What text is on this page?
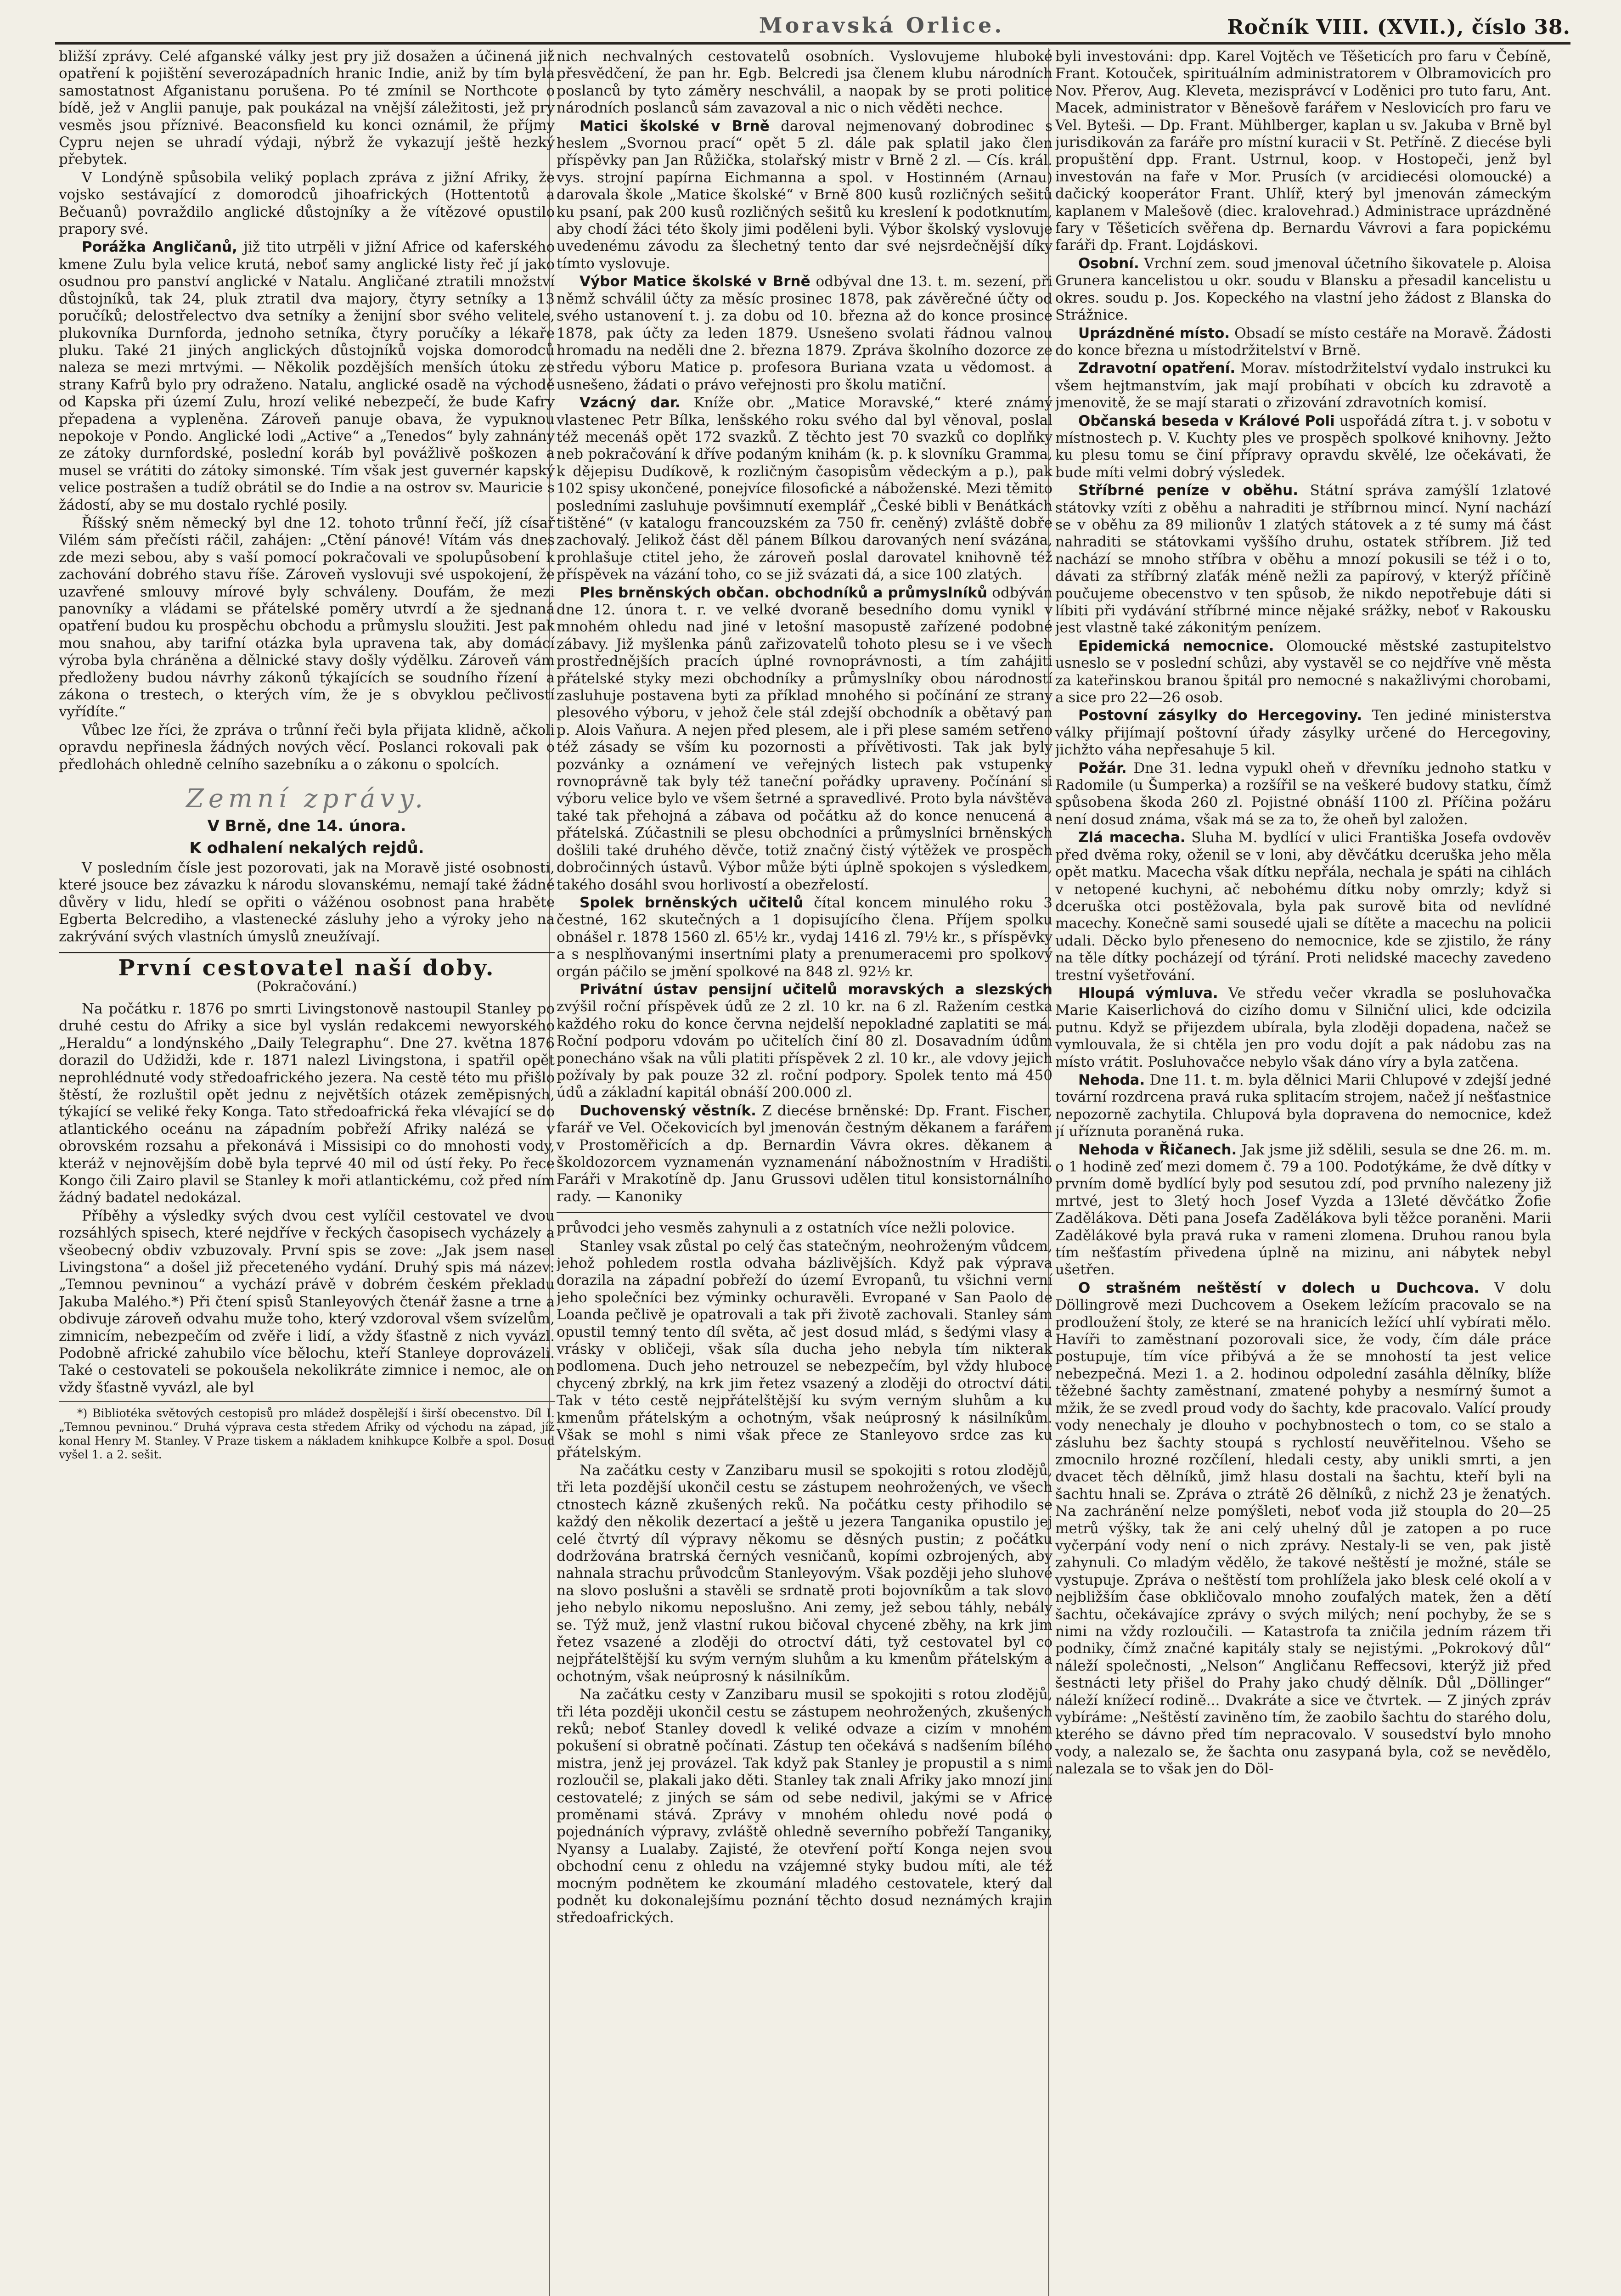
Moravská Orlice.	Ročník VIII. (XVII.), číslo 38.

bližší zprávy. Celé afganské války jest pry již dosažen a účinená již opatření k pojištění severozápadních hranic Indie, aniž by tím byla samostatnost Afganistanu porušena. Po té zmínil se Northcote o bídě, jež v Anglii panuje, pak poukázal na vnější záležitosti, jež pry vesměs jsou příznivé. Beaconsfield ku konci oznámil, že příjmy Cypru nejen se uhradí výdaji, nýbrž že vykazují ještě hezký přebytek.

V Londýně spůsobila veliký poplach zpráva z jižní Afriky, že vojsko sestávající z domorodců jihoafrických (Hottentotů a Bečuanů) povraždilo anglické důstojníky a že vítězové opustilo prapory své.

Porážka Angličanů, již tito utrpěli v jižní Africe od kaferského kmene Zulu byla velice krutá, neboť samy anglické listy řeč jí jako osudnou pro panství anglické v Natalu. Angličané ztratili množství důstojníků, tak 24, pluk ztratil dva majory, čtyry setníky a 13 poručíků; delostřelectvo dva setníky a ženijní sbor svého velitele, plukovníka Durnforda, jednoho setníka, čtyry poručíky a lékaře pluku. Také 21 jiných anglických důstojníků vojska domorodců naleza se mezi mrtvými. — Několik pozdějších menších útoku ze strany Kafrů bylo pry odraženo. Natalu, anglické osadě na východě od Kapska při území Zulu, hrozí veliké nebezpečí, že bude Kafry přepadena a vypleněna. Zároveň panuje obava, že vypuknou nepokoje v Pondo. Anglické lodi „Active“ a „Tenedos“ byly zahnány ze zátoky durnfordské, poslední koráb byl povážlivě poškozen a musel se vrátiti do zátoky simonské. Tím však jest guvernér kapský velice postrašen a tudíž obrátil se do Indie a na ostrov sv. Mauricie s žádostí, aby se mu dostalo rychlé posily.

Říšský sněm německý byl dne 12. tohoto trůnní řečí, jíž císař Vilém sám přečísti ráčil, zahájen: „Ctění pánové! Vítám vás dnes zde mezi sebou, aby s vaší pomocí pokračovali ve spolupůsobení k zachování dobrého stavu říše. Zároveň vyslovuji své uspokojení, že uzavřené smlouvy mírové byly schváleny. Doufám, že mezi panovníky a vládami se přátelské poměry utvrdí a že sjednaná opatření budou ku prospěchu obchodu a průmyslu sloužiti. Jest pak mou snahou, aby tarifní otázka byla upravena tak, aby domácí výroba byla chráněna a dělnické stavy došly výdělku. Zároveň vám předloženy budou návrhy zákonů týkajících se soudního řízení a zákona o trestech, o kterých vím, že je s obvyklou pečlivostí vyřídíte.“

Vůbec lze říci, že zpráva o trůnní řeči byla přijata klidně, ačkoli opravdu nepřinesla žádných nových věcí. Poslanci rokovali pak o předlohách ohledně celního sazebníku a o zákonu o spolcích.

Zemní zprávy.
V Brně, dne 14. února.
K odhalení nekalých rejdů.

V posledním čísle jest pozorovati, jak na Moravě jisté osobnosti, které jsouce bez závazku k národu slovanskému, nemají také žádné důvěry v lidu, hledí se opřiti o vážénou osobnost pana hraběte Egberta Belcrediho, a vlastenecké zásluhy jeho a výroky jeho na zakrývání svých vlastních úmyslů zneužívají.

První cestovatel naší doby.
(Pokračování.)

Na počátku r. 1876 po smrti Livingstonově nastoupil Stanley po druhé cestu do Afriky a sice byl vyslán redakcemi newyorského „Heraldu“ a londýnského „Daily Telegraphu“. Dne 27. května 1876 dorazil do Udžidži, kde r. 1871 nalezl Livingstona, i spatřil opět neprohlédnuté vody středoafrického jezera. Na cestě této mu přišlo štěstí, že rozluštil opět jednu z největších otázek zeměpisných, týkající se veliké řeky Konga. Tato středoafrická řeka vlévající se do atlantického oceánu na západním pobřeží Afriky nalézá se v obrovském rozsahu a překonává i Missisipi co do mnohosti vody, kteráž v nejnovějším době byla teprvé 40 mil od ústí řeky. Po řece Kongo čili Zairo plavil se Stanley k moři atlantickému, což před ním žádný badatel nedokázal.

Příběhy a výsledky svých dvou cest vylíčil cestovatel ve dvou rozsáhlých spisech, které nejdříve v řeckých časopisech vycházely a všeobecný obdiv vzbuzovaly. První spis se zove: „Jak jsem nasel Livingstona“ a došel již přeceteného vydání. Druhý spis má název: „Temnou pevninou“ a vychází právě v dobrém českém překladu Jakuba Malého.*) Při čtení spisů Stanleyových čtenář žasne a trne a obdivuje zároveň odvahu muže toho, který vzdoroval všem svízelům, zimnicím, nebezpečím od zvěře i lidí, a vždy šťastně z nich vyvázl. Podobně africké zahubilo více bělochu, kteří Stanleye doprovázeli. Také o cestovateli se pokoušela nekolikráte zimnice i nemoc, ale on vždy šťastně vyvázl, ale byl

*) Bibliotéka světových cestopisů pro mládež dospělejší i širší obecenstvo. Díl I. „Temnou pevninou.“ Druhá výprava cesta středem Afriky od východu na západ, jíž konal Henry M. Stanley. V Praze tiskem a nákladem knihkupce Kolbře a spol. Dosud vyšel 1. a 2. sešit.

nich nechvalných cestovatelů osobních. Vyslovujeme hluboké přesvědčení, že pan hr. Egb. Belcredi jsa členem klubu národních poslanců by tyto záměry neschválil, a naopak by se proti politice národních poslanců sám zavazoval a nic o nich věděti nechce.

Matici školské v Brně daroval nejmenovaný dobrodinec s heslem „Svornou prací“ opět 5 zl. dále pak splatil jako člen příspěvky pan Jan Růžička, stolařský mistr v Brně 2 zl. — Cís. král. vys. strojní papírna Eichmanna a spol. v Hostinném (Arnau) darovala škole „Matice školské“ v Brně 800 kusů rozličných sešitů ku psaní, pak 200 kusů rozličných sešitů ku kreslení k podotknutím, aby chodí žáci této školy jimi poděleni byli. Výbor školský vyslovuje uvedenému závodu za šlechetný tento dar své nejsrdečnější díky tímto vyslovuje.

Výbor Matice školské v Brně odbýval dne 13. t. m. sezení, při němž schválil účty za měsíc prosinec 1878, pak závěrečné účty od svého ustanovení t. j. za dobu od 10. března až do konce prosince 1878, pak účty za leden 1879. Usnešeno svolati řádnou valnou hromadu na neděli dne 2. března 1879. Zpráva školního dozorce ze středu výboru Matice p. profesora Buriana vzata u vědomost. a usnešeno, žádati o právo veřejnosti pro školu matiční.

Vzácný dar. Kníže obr. „Matice Moravské,“ které známý vlastenec Petr Bílka, lenšského roku svého dal byl věnoval, poslal též mecenáš opět 172 svazků. Z těchto jest 70 svazků co doplňky neb pokračování k dříve podaným knihám (k. p. k slovníku Gramma, k dějepisu Dudíkově, k rozličným časopisům vědeckým a p.), pak 102 spisy ukončené, ponejvíce filosofické a náboženské. Mezi těmito posledními zasluhuje povšimnutí exemplář „České bibli v Benátkách tištěné“ (v katalogu francouzském za 750 fr. ceněný) zvláště dobře zachovalý. Jelikož část děl pánem Bílkou darovaných není svázána, prohlašuje ctitel jeho, že zároveň poslal darovatel knihovně též příspěvek na vázání toho, co se již svázati dá, a sice 100 zlatých.

Ples brněnských občan. obchodníků a průmyslníků odbýván dne 12. února t. r. ve velké dvoraně besedního domu vynikl v mnohém ohledu nad jiné v letošní masopustě zařízené podobné zábavy. Již myšlenka pánů zařizovatelů tohoto plesu se i ve všech prostřednějších pracích úplné rovnoprávnosti, a tím zahájiti přátelské styky mezi obchodníky a průmyslníky obou národností zasluhuje postavena byti za příklad mnohého si počínání ze strany plesového výboru, v jehož čele stál zdejší obchodník a obětavý pan p. Alois Vaňura. A nejen před plesem, ale i při plese samém setřeno též zásady se vším ku pozornosti a přívětivosti. Tak jak byly pozvánky a oznámení ve veřejných listech pak vstupenky rovnoprávně tak byly též taneční pořádky upraveny. Počínání si výboru velice bylo ve všem šetrné a spravedlivé. Proto byla návštěva také tak přehojná a zábava od počátku až do konce nenucená a přátelská. Zúčastnili se plesu obchodníci a průmyslníci brněnských došlili také druhého děvče, totiž značný čistý výtěžek ve prospěch dobročinných ústavů. Výbor může býti úplně spokojen s výsledkem, takého dosáhl svou horlivostí a obezřelostí.

Spolek brněnských učitelů čítal koncem minulého roku 3 čestné, 162 skutečných a 1 dopisujícího člena. Příjem spolku obnášel r. 1878 1560 zl. 65½ kr., vydaj 1416 zl. 79½ kr., s příspěvky a s nesplňovanými insertními platy a prenumeracemi pro spolkový orgán páčilo se jmění spolkové na 848 zl. 92½ kr.

Privátní ústav pensijní učitelů moravských a slezských zvýšil roční příspěvek údů ze 2 zl. 10 kr. na 6 zl. Ražením cestka každého roku do konce června nejdelší nepokladné zaplatiti se má. Roční podporu vdovám po učitelích činí 80 zl. Dosavadním údům ponecháno však na vůli platiti příspěvek 2 zl. 10 kr., ale vdovy jejich požívaly by pak pouze 32 zl. roční podpory. Spolek tento má 450 údů a základní kapitál obnáší 200.000 zl.

Duchovenský věstník. Z diecése brněnské: Dp. Frant. Fischer, farář ve Vel. Očekovicích byl jmenován čestným děkanem a farářem v Prostoměřicích a dp. Bernardin Vávra okres. děkanem a školdozorcem vyznamenán vyznamenání nábožnostním v Hradišti. Faráři v Mrakotíně dp. Janu Grussovi udělen titul konsistornálního rady. — Kanoniky

průvodci jeho vesměs zahynuli a z ostatních více nežli polovice.

Stanley vsak zůstal po celý čas statečným, neohroženým vůdcem, jehož pohledem rostla odvaha bázlivějších. Když pak výprava dorazila na západní pobřeží do území Evropanů, tu všichni verní jeho společníci bez výminky ochuravěli. Evropané v San Paolo de Loanda pečlivě je opatrovali a tak při životě zachovali. Stanley sám opustil temný tento díl světa, ač jest dosud mlád, s šedými vlasy a vrásky v obličeji, však síla ducha jeho nebyla tím nikterak podlomena. Duch jeho netrouzel se nebezpečím, byl vždy hluboce chycený zbrklý, na krk jim řetez vsazený a zloději do otroctví dáti. Tak v této cestě nejpřátelštější ku svým verným sluhům a ku kmenům přátelským a ochotným, však neúprosný k násilníkům. Však se mohl s nimi však přece ze Stanleyovo srdce zas ku přátelským.

Na začátku cesty v Zanzibaru musil se spokojiti s rotou zlodějů, tři leta pozdější ukončil cestu se zástupem neohrožených, ve všech ctnostech kázně zkušených reků. Na počátku cesty přihodilo se každý den několik dezertací a ještě u jezera Tanganika opustilo jej celé čtvrtý díl výpravy někomu se děsných pustin; z počátku dodržována bratrská černých vesničanů, kopími ozbrojených, aby nahnala strachu průvodcům Stanleyovým. Však později jeho sluhové na slovo poslušni a stavěli se srdnatě proti bojovníkům a tak slovo jeho nebylo nikomu neposlušno. Ani zemy, jež sebou táhly, nebály se. Týž muž, jenž vlastní rukou bičoval chycené zběhy, na krk jim řetez vsazené a zloději do otroctví dáti, tyž cestovatel byl co nejpřátelštější ku svým verným sluhům a ku kmenům přátelským a ochotným, však neúprosný k násilníkům.

Na začátku cesty v Zanzibaru musil se spokojiti s rotou zlodějů, tři léta později ukončil cestu se zástupem neohrožených, zkušených reků; neboť Stanley dovedl k veliké odvaze a cizím v mnohém pokušení si obratně počínati. Zástup ten očekává s nadšením bílého mistra, jenž jej provázel. Tak když pak Stanley je propustil a s nimi rozloučil se, plakali jako děti. Stanley tak znali Afriky jako mnozí jiní cestovatelé; z jiných se sám od sebe nedivil, jakými se v Africe proměnami stává. Zprávy v mnohém ohledu nové podá o pojednáních výpravy, zvláště ohledně severního pobřeží Tanganiky, Nyansy a Lualaby. Zajisté, že otevření pořtí Konga nejen svou obchodní cenu z ohledu na vzájemné styky budou míti, ale též mocným podnětem ke zkoumání mladého cestovatele, který dal podnět ku dokonalejšímu poznání těchto dosud neznámých krajin středoafrických.

byli investováni: dpp. Karel Vojtěch ve Těšeticích pro faru v Čebíně, Frant. Kotouček, spirituálním administratorem v Olbramovicích pro Nov. Přerov, Aug. Kleveta, mezisprávcí v Loděnici pro tuto faru, Ant. Macek, administrator v Běnešově farářem v Neslovicích pro faru ve Vel. Byteši. — Dp. Frant. Mühlberger, kaplan u sv. Jakuba v Brně byl jurisdikován za faráře pro místní kuracii v St. Petříně. Z diecése byli propuštění dpp. Frant. Ustrnul, koop. v Hostopeči, jenž byl investován na faře v Mor. Prusích (v arcidiecési olomoucké) a dačický kooperátor Frant. Uhlíř, který byl jmenován zámeckým kaplanem v Malešově (diec. kralovehrad.) Administrace uprázdněné fary v Těšeticích svěřena dp. Bernardu Vávrovi a fara popickému faráři dp. Frant. Lojdáskovi.

Osobní. Vrchní zem. soud jmenoval účetního šikovatele p. Aloisa Grunera kancelistou u okr. soudu v Blansku a přesadil kancelistu u okres. soudu p. Jos. Kopeckého na vlastní jeho žádost z Blanska do Strážnice.

Uprázdněné místo. Obsadí se místo cestáře na Moravě. Žádosti do konce března u místodržitelství v Brně.

Zdravotní opatření. Morav. místodržitelství vydalo instrukci ku všem hejtmanstvím, jak mají probíhati v obcích ku zdravotě a jmenovitě, že se mají starati o zřizování zdravotních komisí.

Občanská beseda v Králové Poli uspořádá zítra t. j. v sobotu v místnostech p. V. Kuchty ples ve prospěch spolkové knihovny. Ježto ku plesu tomu se činí přípravy opravdu skvělé, lze očekávati, že bude míti velmi dobrý výsledek.

Stříbrné peníze v oběhu. Státní správa zamýšlí 1zlatové státovky vzíti z oběhu a nahraditi je stříbrnou mincí. Nyní nachází se v oběhu za 89 milionův 1 zlatých státovek a z té sumy má část nahraditi se státovkami vyššího druhu, ostatek stříbrem. Již teď nachází se mnoho stříbra v oběhu a mnozí pokusili se též i o to, dávati za stříbrný zlaťák méně nežli za papírový, v kterýž příčině poučujeme obecenstvo v ten spůsob, že nikdo nepotřebuje dáti si líbiti při vydávání stříbrné mince nějaké srážky, neboť v Rakousku jest vlastně také zákonitým penízem.

Epidemická nemocnice. Olomoucké městské zastupitelstvo usneslo se v poslední schůzi, aby vystavěl se co nejdříve vně města za kateřinskou branou špitál pro nemocné s nakažlivými chorobami, a sice pro 22—26 osob.

Postovní zásylky do Hercegoviny. Ten jediné ministerstva války přijímají poštovní úřady zásylky určené do Hercegoviny, jichžto váha nepřesahuje 5 kil.

Požár. Dne 31. ledna vypukl oheň v dřevníku jednoho statku v Radomile (u Šumperka) a rozšířil se na veškeré budovy statku, čímž spůsobena škoda 260 zl. Pojistné obnáší 1100 zl. Příčina požáru není dosud známa, však má se za to, že oheň byl založen.

Zlá macecha. Sluha M. bydlící v ulici Františka Josefa ovdověv před dvěma roky, oženil se v loni, aby děvčátku dceruška jeho měla opět matku. Macecha však dítku nepřála, nechala je spáti na cihlách v netopené kuchyni, ač nebohému dítku noby omrzly; když si dceruška otci postěžovala, byla pak surově bita od nevlídné macechy. Konečně sami sousedé ujali se dítěte a macechu na policii udali. Děcko bylo přeneseno do nemocnice, kde se zjistilo, že rány na těle dítky pocházejí od týrání. Proti nelidské macechy zavedeno trestní vyšetřování.

Hloupá výmluva. Ve středu večer vkradla se posluhovačka Marie Kaiserlichová do cizího domu v Silniční ulici, kde odcizila putnu. Když se přijezdem ubírala, byla zloději dopadena, načež se vymlouvala, že si chtěla jen pro vodu dojít a pak nádobu zas na místo vrátit. Posluhovačce nebylo však dáno víry a byla zatčena.

Nehoda. Dne 11. t. m. byla dělnici Marii Chlupové v zdejší jedné tovární rozdrcena pravá ruka splitacím strojem, načež jí nešťastnice nepozorně zachytila. Chlupová byla dopravena do nemocnice, kdež jí uříznuta poraněná ruka.

Nehoda v Řičanech. Jak jsme již sdělili, sesula se dne 26. m. m. o 1 hodině zeď mezi domem č. 79 a 100. Podotýkáme, že dvě dítky v prvním domě bydlící byly pod sesutou zdí, pod prvního nalezeny již mrtvé, jest to 3letý hoch Josef Vyzda a 13leté děvčátko Žofie Zadělákova. Děti pana Josefa Zadělákova byli těžce poraněni. Marii Zadělákové byla pravá ruka v rameni zlomena. Druhou ranou byla tím nešťastím přivedena úplně na mizinu, ani nábytek nebyl ušetřen.

O strašném neštěstí v dolech u Duchcova. V dolu Döllingrově mezi Duchcovem a Osekem ležícím pracovalo se na prodloužení štoly, ze které se na hranicích ležící uhlí vybírati mělo. Havíři to zaměstnaní pozorovali sice, že vody, čím dále práce postupuje, tím více přibývá a že se mnohostí ta jest velice nebezpečná. Mezi 1. a 2. hodinou odpolední zasáhla dělníky, blíže těžebné šachty zaměstnaní, zmatené pohyby a nesmírný šumot a mžik, že se zvedl proud vody do šachty, kde pracovalo. Valící proudy vody nenechaly je dlouho v pochybnostech o tom, co se stalo a zásluhu bez šachty stoupá s rychlostí neuvěřitelnou. Všeho se zmocnilo hrozné rozčílení, hledali cesty, aby unikli smrti, a jen dvacet těch dělníků, jimž hlasu dostali na šachtu, kteří byli na šachtu hnali se. Zpráva o ztrátě 26 dělníků, z nichž 23 je ženatých. Na zachránění nelze pomýšleti, neboť voda již stoupla do 20—25 metrů výšky, tak že ani celý uhelný důl je zatopen a po ruce vyčerpání vody není o nich zprávy. Nestaly-li se ven, pak jistě zahynuli. Co mladým vědělo, že takové neštěstí je možné, stále se vystupuje. Zpráva o neštěstí tom prohlížela jako blesk celé okolí a v nejbližším čase obkličovalo mnoho zoufalých matek, žen a dětí šachtu, očekávajíce zprávy o svých milých; není pochyby, že se s nimi na vždy rozloučili. — Katastrofa ta zničila jedním rázem tři podniky, čímž značné kapitály staly se nejistými. „Pokrokový důl“ náleží společnosti, „Nelson“ Angličanu Reffecsovi, kterýž již před šestnácti lety přišel do Prahy jako chudý dělník. Důl „Döllinger“ náleží knížecí rodině... Dvakráte a sice ve čtvrtek. — Z jiných zpráv vybíráme: „Neštěstí zaviněno tím, že zaobilo šachtu do starého dolu, kterého se dávno před tím nepracovalo. V sousedství bylo mnoho vody, a nalezalo se, že šachta onu zasypaná byla, což se nevědělo, nalezala se to však jen do Döl-
